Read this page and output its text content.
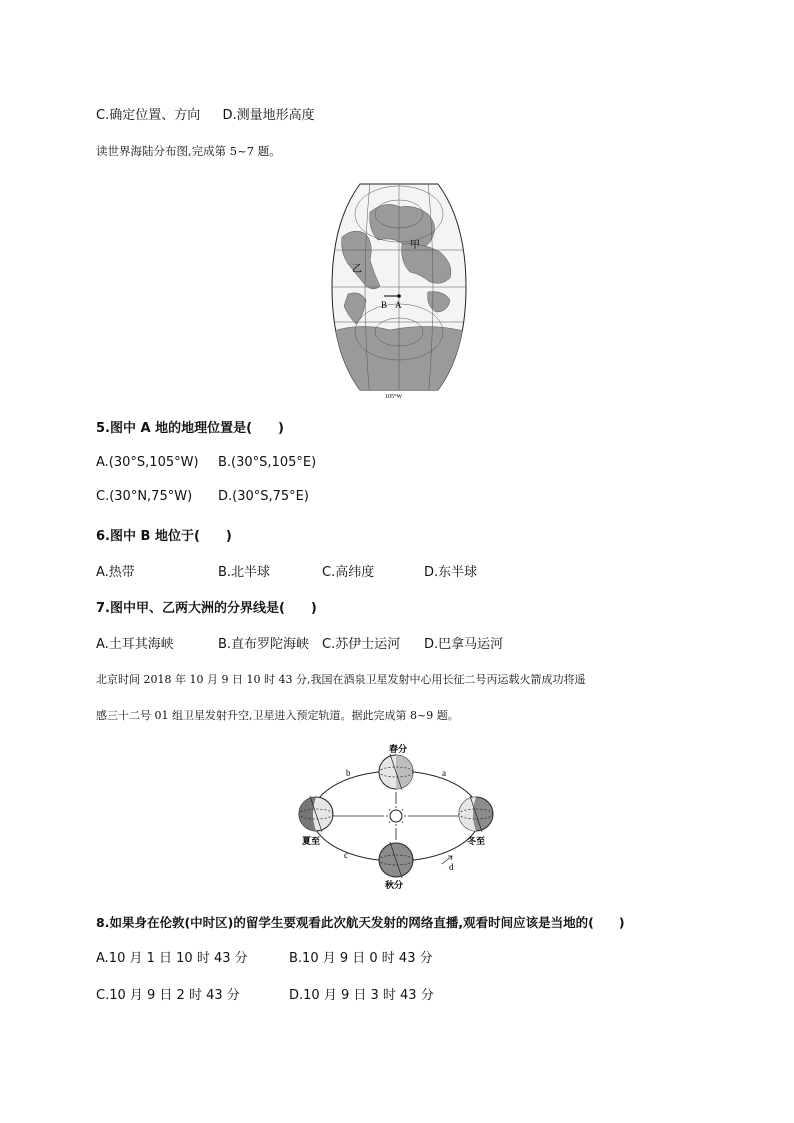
C.确定位置、方向 D.测量地形高度
读世界海陆分布图,完成第 5~7 题。
甲
乙
A
B
105°W
5.图中 A 地的地理位置是(　　)
A.(30°S,105°W) B.(30°S,105°E)
C.(30°N,75°W) D.(30°S,75°E)
6.图中 B 地位于(　　)
A.热带	B.北半球	C.高纬度	D.东半球
7.图中甲、乙两大洲的分界线是(　　)
A.土耳其海峡	B.直布罗陀海峡 C.苏伊士运河 D.巴拿马运河
北京时间 2018 年 10 月 9 日 10 时 43 分,我国在酒泉卫星发射中心用长征二号丙运载火箭成功将遥
感三十二号 01 组卫星发射升空,卫星进入预定轨道。据此完成第 8~9 题。
春分
夏至
秋分
冬至
a
b
c
d
8.如果身在伦敦(中时区)的留学生要观看此次航天发射的网络直播,观看时间应该是当地的(　　)
A.10 月 1 日 10 时 43 分	B.10 月 9 日 0 时 43 分
C.10 月 9 日 2 时 43 分	D.10 月 9 日 3 时 43 分
